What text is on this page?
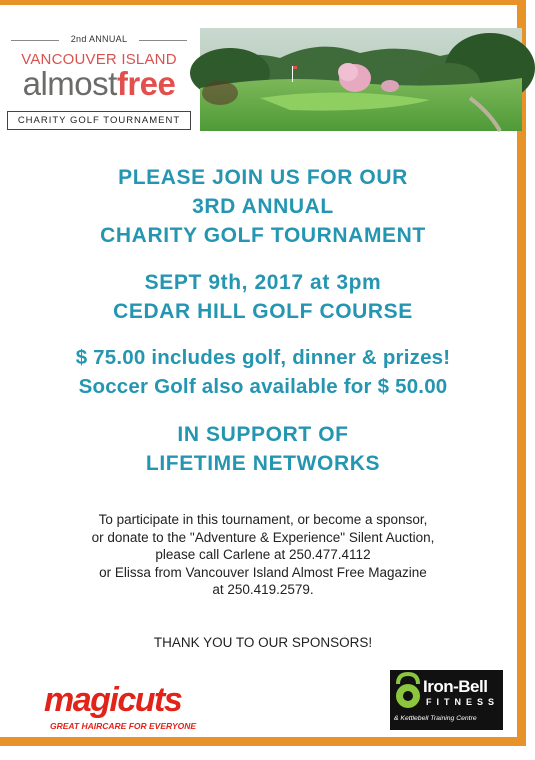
2nd ANNUAL
VANCOUVER ISLAND
almostfree
CHARITY GOLF TOURNAMENT
PLEASE JOIN US FOR OUR
3RD ANNUAL
CHARITY GOLF TOURNAMENT
SEPT 9th, 2017 at 3pm
CEDAR HILL GOLF COURSE
$ 75.00 includes golf, dinner & prizes!
Soccer Golf also available for $ 50.00
IN SUPPORT OF
LIFETIME NETWORKS
To participate in this tournament, or become a sponsor,
or donate to the "Adventure & Experience" Silent Auction,
please call Carlene at 250.477.4112
or Elissa from Vancouver Island Almost Free Magazine
at 250.419.2579.
THANK YOU TO OUR SPONSORS!
magicuts
GREAT HAIRCARE FOR EVERYONE
Iron-Bell
FITNESS
& Kettlebell Training Centre
